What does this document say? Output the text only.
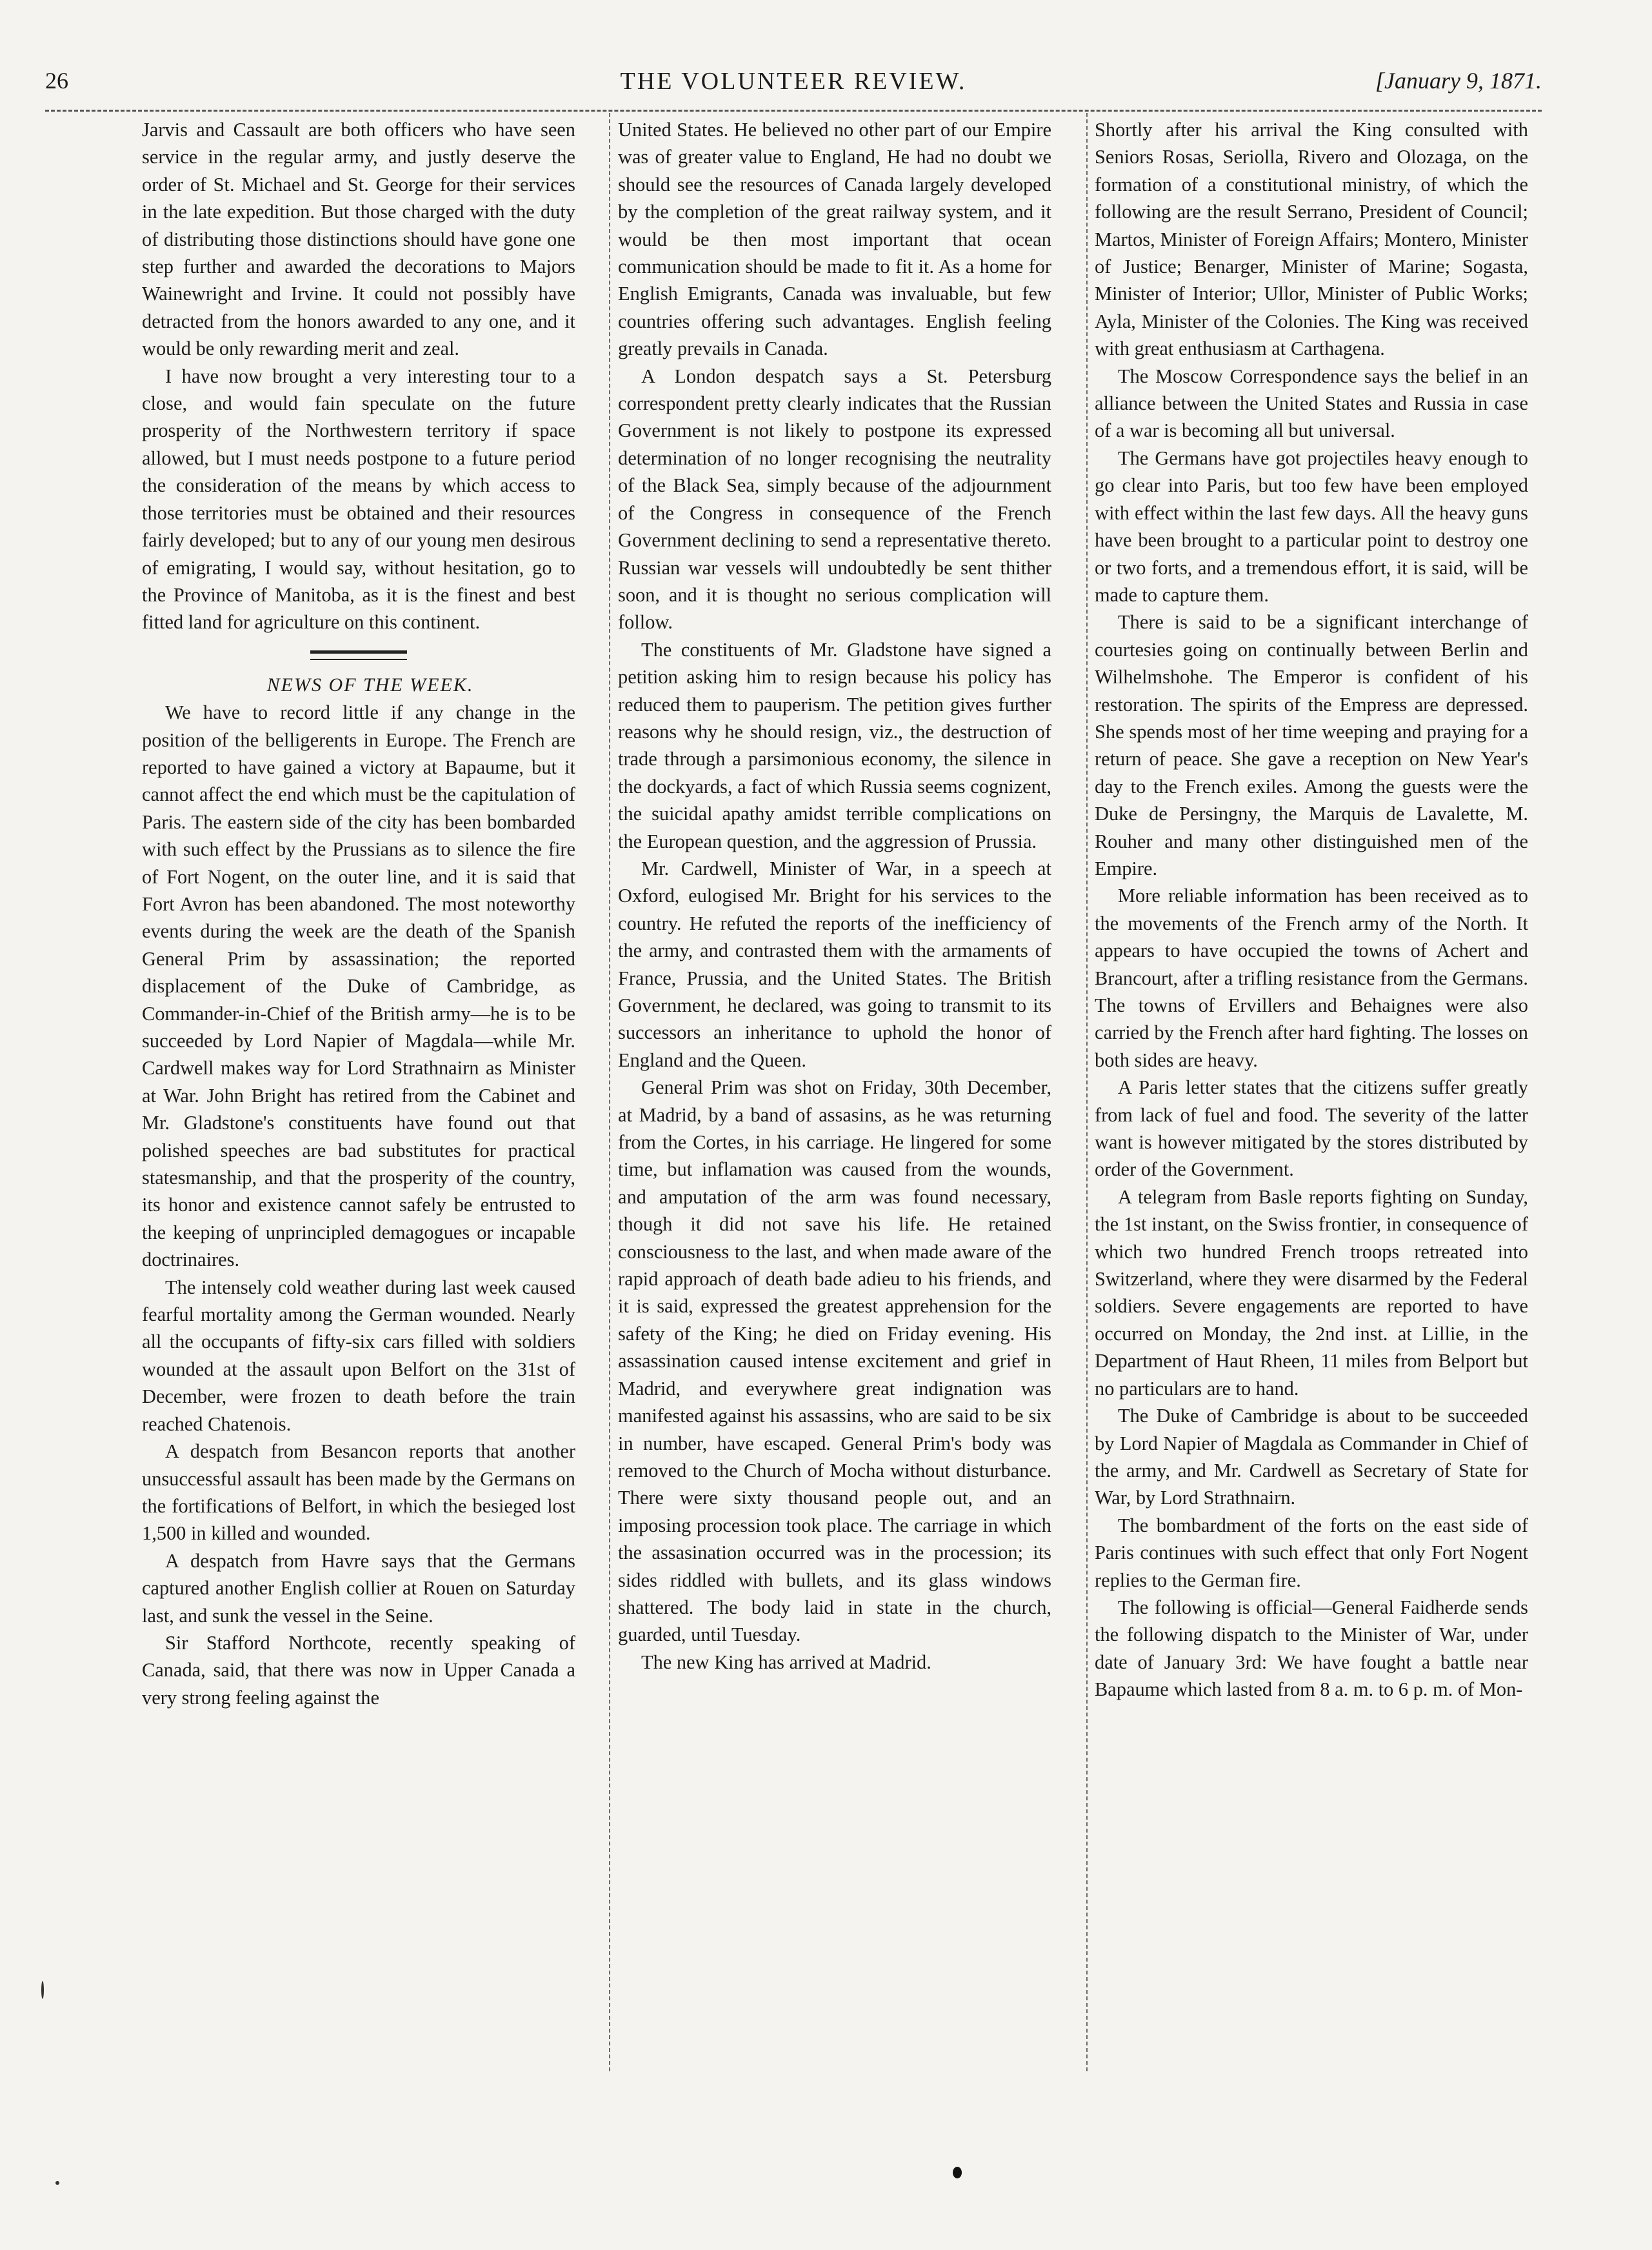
26	THE VOLUNTEER REVIEW.	[January 9, 1871.

Jarvis and Cassault are both officers who have seen service in the regular army, and justly deserve the order of St. Michael and St. George for their services in the late expedition. But those charged with the duty of distributing those distinctions should have gone one step further and awarded the decorations to Majors Wainewright and Irvine. It could not possibly have detracted from the honors awarded to any one, and it would be only rewarding merit and zeal.

I have now brought a very interesting tour to a close, and would fain speculate on the future prosperity of the Northwestern territory if space allowed, but I must needs postpone to a future period the consideration of the means by which access to those territories must be obtained and their resources fairly developed; but to any of our young men desirous of emigrating, I would say, without hesitation, go to the Province of Manitoba, as it is the finest and best fitted land for agriculture on this continent.

NEWS OF THE WEEK.

We have to record little if any change in the position of the belligerents in Europe. The French are reported to have gained a victory at Bapaume, but it cannot affect the end which must be the capitulation of Paris. The eastern side of the city has been bombarded with such effect by the Prussians as to silence the fire of Fort Nogent, on the outer line, and it is said that Fort Avron has been abandoned. The most noteworthy events during the week are the death of the Spanish General Prim by assassination; the reported displacement of the Duke of Cambridge, as Commander-in-Chief of the British army—he is to be succeeded by Lord Napier of Magdala—while Mr. Cardwell makes way for Lord Strathnairn as Minister at War. John Bright has retired from the Cabinet and Mr. Gladstone's constituents have found out that polished speeches are bad substitutes for practical statesmanship, and that the prosperity of the country, its honor and existence cannot safely be entrusted to the keeping of unprincipled demagogues or incapable doctrinaires.

The intensely cold weather during last week caused fearful mortality among the German wounded. Nearly all the occupants of fifty-six cars filled with soldiers wounded at the assault upon Belfort on the 31st of December, were frozen to death before the train reached Chatenois.

A despatch from Besancon reports that another unsuccessful assault has been made by the Germans on the fortifications of Belfort, in which the besieged lost 1,500 in killed and wounded.

A despatch from Havre says that the Germans captured another English collier at Rouen on Saturday last, and sunk the vessel in the Seine.

Sir Stafford Northcote, recently speaking of Canada, said, that there was now in Upper Canada a very strong feeling against the

United States. He believed no other part of our Empire was of greater value to England, He had no doubt we should see the resources of Canada largely developed by the completion of the great railway system, and it would be then most important that ocean communication should be made to fit it. As a home for English Emigrants, Canada was invaluable, but few countries offering such advantages. English feeling greatly prevails in Canada.

A London despatch says a St. Petersburg correspondent pretty clearly indicates that the Russian Government is not likely to postpone its expressed determination of no longer recognising the neutrality of the Black Sea, simply because of the adjournment of the Congress in consequence of the French Government declining to send a representative thereto. Russian war vessels will undoubtedly be sent thither soon, and it is thought no serious complication will follow.

The constituents of Mr. Gladstone have signed a petition asking him to resign because his policy has reduced them to pauperism. The petition gives further reasons why he should resign, viz., the destruction of trade through a parsimonious economy, the silence in the dockyards, a fact of which Russia seems cognizent, the suicidal apathy amidst terrible complications on the European question, and the aggression of Prussia.

Mr. Cardwell, Minister of War, in a speech at Oxford, eulogised Mr. Bright for his services to the country. He refuted the reports of the inefficiency of the army, and contrasted them with the armaments of France, Prussia, and the United States. The British Government, he declared, was going to transmit to its successors an inheritance to uphold the honor of England and the Queen.

General Prim was shot on Friday, 30th December, at Madrid, by a band of assasins, as he was returning from the Cortes, in his carriage. He lingered for some time, but inflamation was caused from the wounds, and amputation of the arm was found necessary, though it did not save his life. He retained consciousness to the last, and when made aware of the rapid approach of death bade adieu to his friends, and it is said, expressed the greatest apprehension for the safety of the King; he died on Friday evening. His assassination caused intense excitement and grief in Madrid, and everywhere great indignation was manifested against his assassins, who are said to be six in number, have escaped. General Prim's body was removed to the Church of Mocha without disturbance. There were sixty thousand people out, and an imposing procession took place. The carriage in which the assasination occurred was in the procession; its sides riddled with bullets, and its glass windows shattered. The body laid in state in the church, guarded, until Tuesday.

The new King has arrived at Madrid.

Shortly after his arrival the King consulted with Seniors Rosas, Seriolla, Rivero and Olozaga, on the formation of a constitutional ministry, of which the following are the result Serrano, President of Council; Martos, Minister of Foreign Affairs; Montero, Minister of Justice; Benarger, Minister of Marine; Sogasta, Minister of Interior; Ullor, Minister of Public Works; Ayla, Minister of the Colonies. The King was received with great enthusiasm at Carthagena.

The Moscow Correspondence says the belief in an alliance between the United States and Russia in case of a war is becoming all but universal.

The Germans have got projectiles heavy enough to go clear into Paris, but too few have been employed with effect within the last few days. All the heavy guns have been brought to a particular point to destroy one or two forts, and a tremendous effort, it is said, will be made to capture them.

There is said to be a significant interchange of courtesies going on continually between Berlin and Wilhelmshohe. The Emperor is confident of his restoration. The spirits of the Empress are depressed. She spends most of her time weeping and praying for a return of peace. She gave a reception on New Year's day to the French exiles. Among the guests were the Duke de Persingny, the Marquis de Lavalette, M. Rouher and many other distinguished men of the Empire.

More reliable information has been received as to the movements of the French army of the North. It appears to have occupied the towns of Achert and Brancourt, after a trifling resistance from the Germans. The towns of Ervillers and Behaignes were also carried by the French after hard fighting. The losses on both sides are heavy.

A Paris letter states that the citizens suffer greatly from lack of fuel and food. The severity of the latter want is however mitigated by the stores distributed by order of the Government.

A telegram from Basle reports fighting on Sunday, the 1st instant, on the Swiss frontier, in consequence of which two hundred French troops retreated into Switzerland, where they were disarmed by the Federal soldiers. Severe engagements are reported to have occurred on Monday, the 2nd inst. at Lillie, in the Department of Haut Rheen, 11 miles from Belport but no particulars are to hand.

The Duke of Cambridge is about to be succeeded by Lord Napier of Magdala as Commander in Chief of the army, and Mr. Cardwell as Secretary of State for War, by Lord Strathnairn.

The bombardment of the forts on the east side of Paris continues with such effect that only Fort Nogent replies to the German fire.

The following is official—General Faidherde sends the following dispatch to the Minister of War, under date of January 3rd: We have fought a battle near Bapaume which lasted from 8 a. m. to 6 p. m. of Mon-
